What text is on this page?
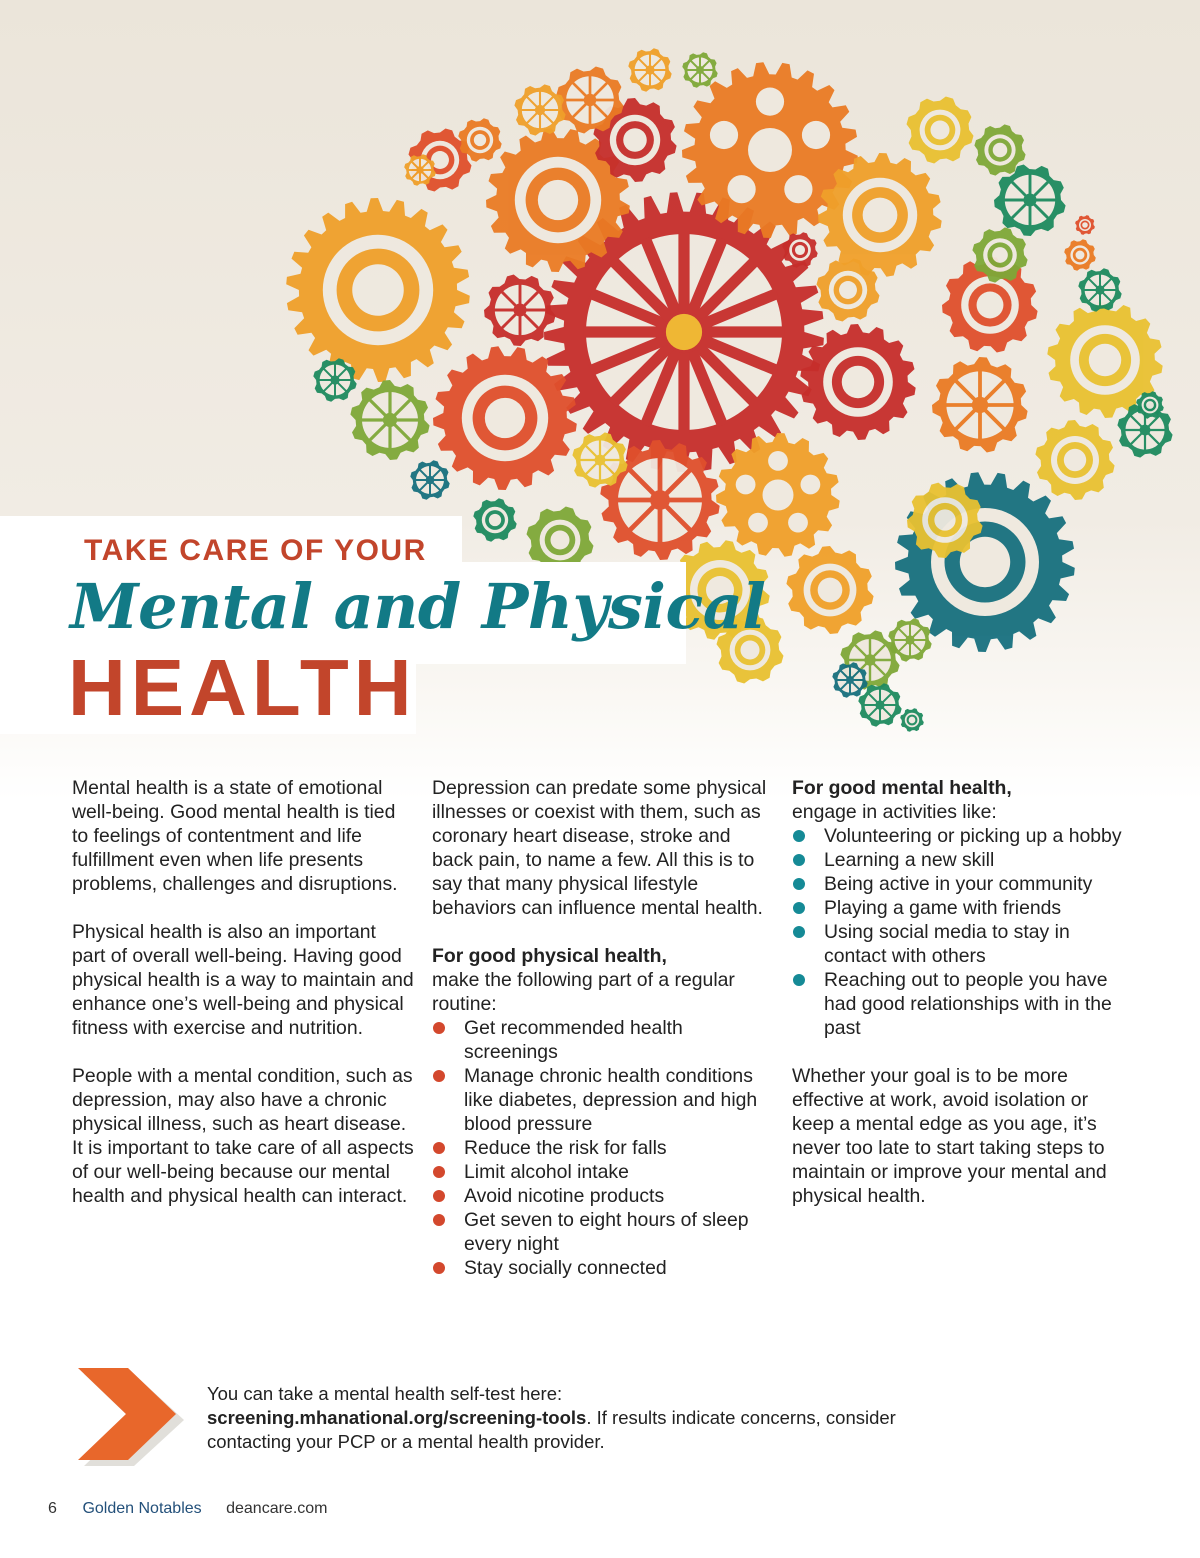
TAKE CARE OF YOUR
Mental and Physical
HEALTH

Mental health is a state of emotional well-being. Good mental health is tied to feelings of contentment and life fulfillment even when life presents problems, challenges and disruptions.

Physical health is also an important part of overall well-being. Having good physical health is a way to maintain and enhance one’s well-being and physical fitness with exercise and nutrition.

People with a mental condition, such as depression, may also have a chronic physical illness, such as heart disease. It is important to take care of all aspects of our well-being because our mental health and physical health can interact.

Depression can predate some physical illnesses or coexist with them, such as coronary heart disease, stroke and back pain, to name a few. All this is to say that many physical lifestyle behaviors can influence mental health.

For good physical health,
make the following part of a regular routine:
Get recommended health screenings
Manage chronic health conditions like diabetes, depression and high blood pressure
Reduce the risk for falls
Limit alcohol intake
Avoid nicotine products
Get seven to eight hours of sleep every night
Stay socially connected
For good mental health,
engage in activities like:
Volunteering or picking up a hobby
Learning a new skill
Being active in your community
Playing a game with friends
Using social media to stay in contact with others
Reaching out to people you have had good relationships with in the past

Whether your goal is to be more effective at work, avoid isolation or keep a mental edge as you age, it’s never too late to start taking steps to maintain or improve your mental and physical health.

You can take a mental health self-test here:
screening.mhanational.org/screening-tools. If results indicate concerns, consider contacting your PCP or a mental health provider.
6 Golden Notables deancare.com
